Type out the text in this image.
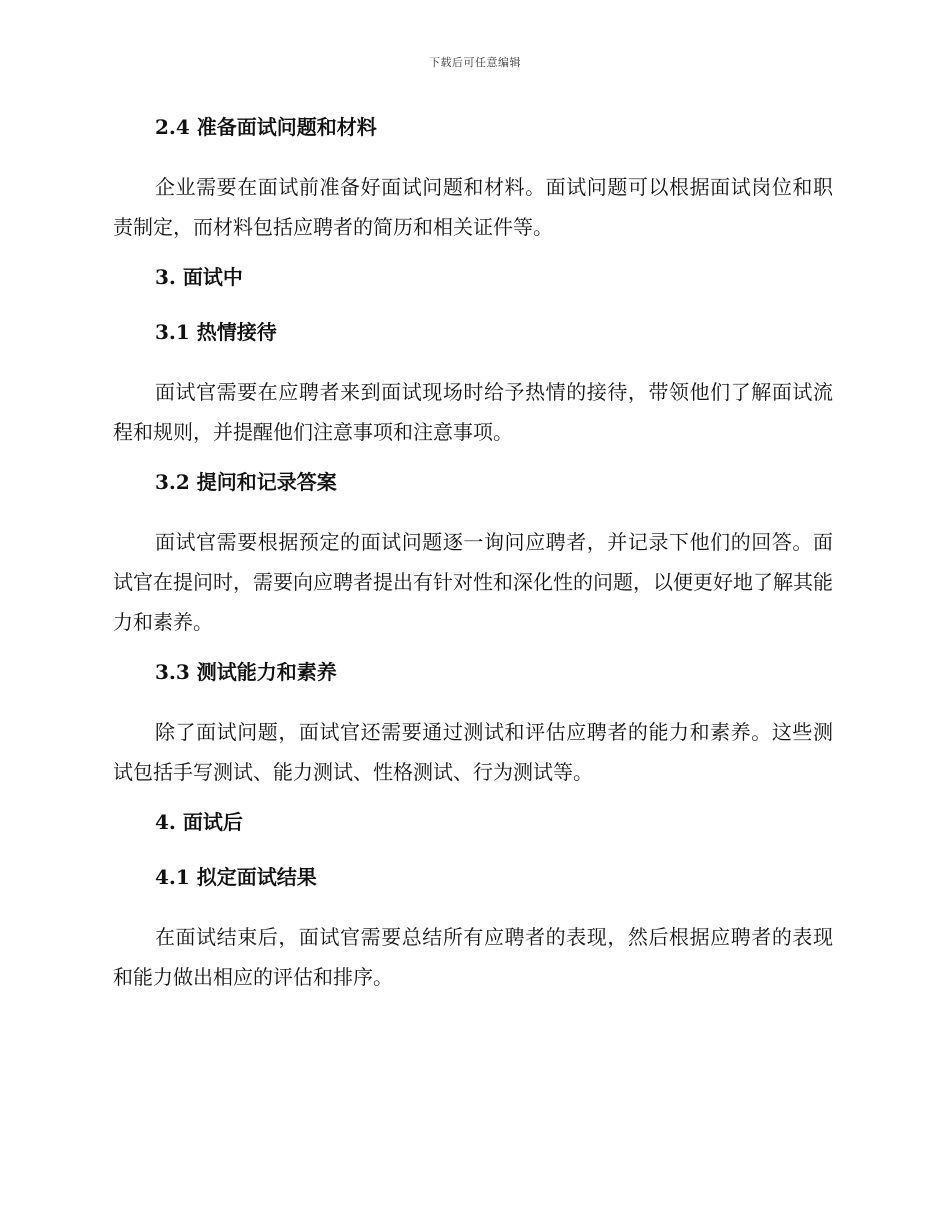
下载后可任意编辑
2.4 准备面试问题和材料
企业需要在面试前准备好面试问题和材料。面试问题可以根据面试岗位和职责制定，而材料包括应聘者的简历和相关证件等。
3. 面试中
3.1 热情接待
面试官需要在应聘者来到面试现场时给予热情的接待，带领他们了解面试流程和规则，并提醒他们注意事项和注意事项。
3.2 提问和记录答案
面试官需要根据预定的面试问题逐一询问应聘者，并记录下他们的回答。面试官在提问时，需要向应聘者提出有针对性和深化性的问题，以便更好地了解其能力和素养。
3.3 测试能力和素养
除了面试问题，面试官还需要通过测试和评估应聘者的能力和素养。这些测试包括手写测试、能力测试、性格测试、行为测试等。
4. 面试后
4.1 拟定面试结果
在面试结束后，面试官需要总结所有应聘者的表现，然后根据应聘者的表现和能力做出相应的评估和排序。
